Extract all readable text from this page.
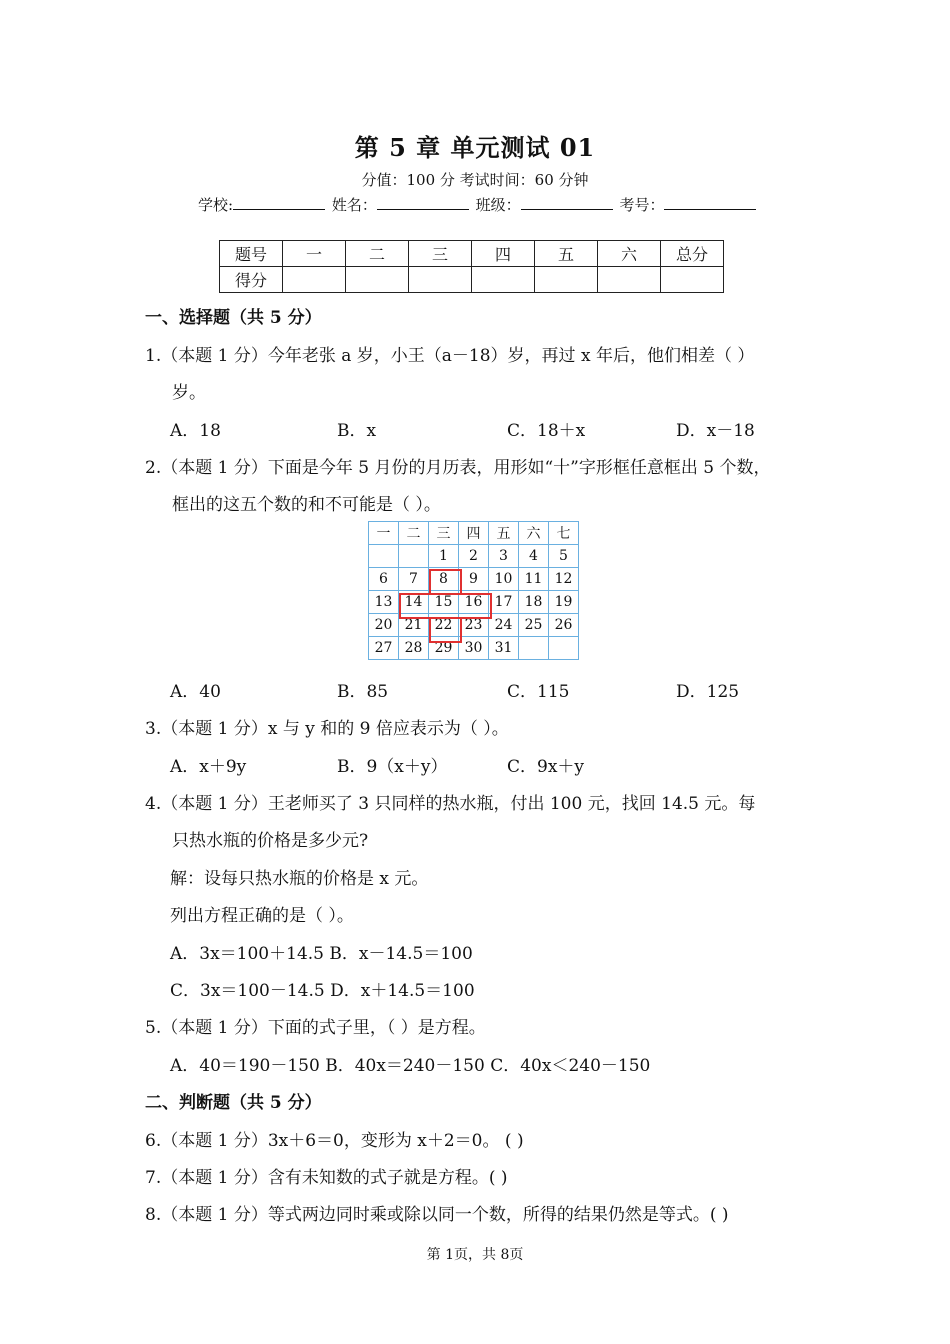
第 5 章 单元测试 01
分值：100 分 考试时间：60 分钟
学校:	姓名：	班级：	考号：
题号	一	二	三	四	五	六	总分
得分							
一、选择题（共 5 分）
1.（本题 1 分）今年老张 a 岁，小王（a－18）岁，再过 x 年后，他们相差（ ）
岁。
A．18	B．x	C．18＋x	D．x－18
2.（本题 1 分）下面是今年 5 月份的月历表，用形如“十”字形框任意框出 5 个数，
框出的这五个数的和不可能是（ ）。
一	二	三	四	五	六	七
		1	2	3	4	5
6	7	8	9	10	11	12
13	14	15	16	17	18	19
20	21	22	23	24	25	26
27	28	29	30	31		
A．40	B．85	C．115	D．125
3.（本题 1 分）x 与 y 和的 9 倍应表示为（ ）。
A．x＋9y	B．9（x＋y）	C．9x＋y
4.（本题 1 分）王老师买了 3 只同样的热水瓶，付出 100 元，找回 14.5 元。每
只热水瓶的价格是多少元?
解：设每只热水瓶的价格是 x 元。
列出方程正确的是（ ）。
A．3x＝100＋14.5 B．x－14.5＝100
C．3x＝100－14.5 D．x＋14.5＝100
5.（本题 1 分）下面的式子里，（ ）是方程。
A．40＝190－150 B．40x＝240－150 C．40x＜240－150
二、判断题（共 5 分）
6.（本题 1 分）3x＋6＝0，变形为 x＋2＝0。 ( )
7.（本题 1 分）含有未知数的式子就是方程。( )
8.（本题 1 分）等式两边同时乘或除以同一个数，所得的结果仍然是等式。( )
第 1页，共 8页
